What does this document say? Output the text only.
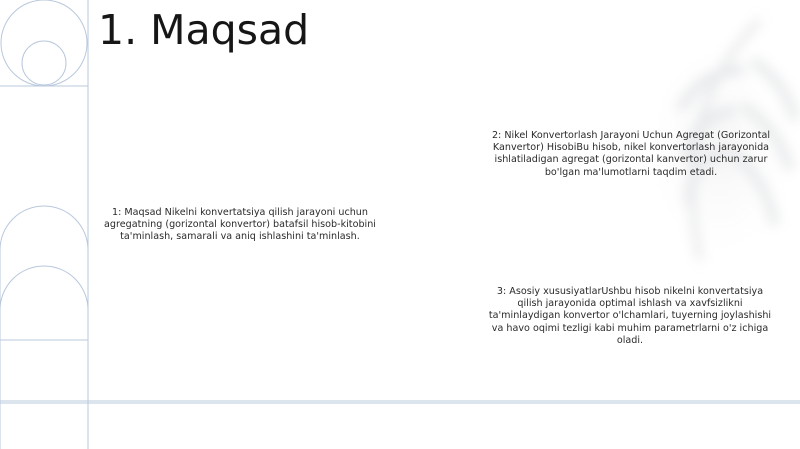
1. Maqsad

1: Maqsad Nikelni konvertatsiya qilish jarayoni uchun agregatning (gorizontal konvertor) batafsil hisob-kitobini ta'minlash, samarali va aniq ishlashini ta'minlash.

2: Nikel Konvertorlash Jarayoni Uchun Agregat (Gorizontal Kanvertor) HisobiBu hisob, nikel konvertorlash jarayonida ishlatiladigan agregat (gorizontal kanvertor) uchun zarur bo'lgan ma'lumotlarni taqdim etadi.

3: Asosiy xususiyatlarUshbu hisob nikelni konvertatsiya qilish jarayonida optimal ishlash va xavfsizlikni ta'minlaydigan konvertor o'lchamlari, tuyerning joylashishi va havo oqimi tezligi kabi muhim parametrlarni o'z ichiga oladi.
